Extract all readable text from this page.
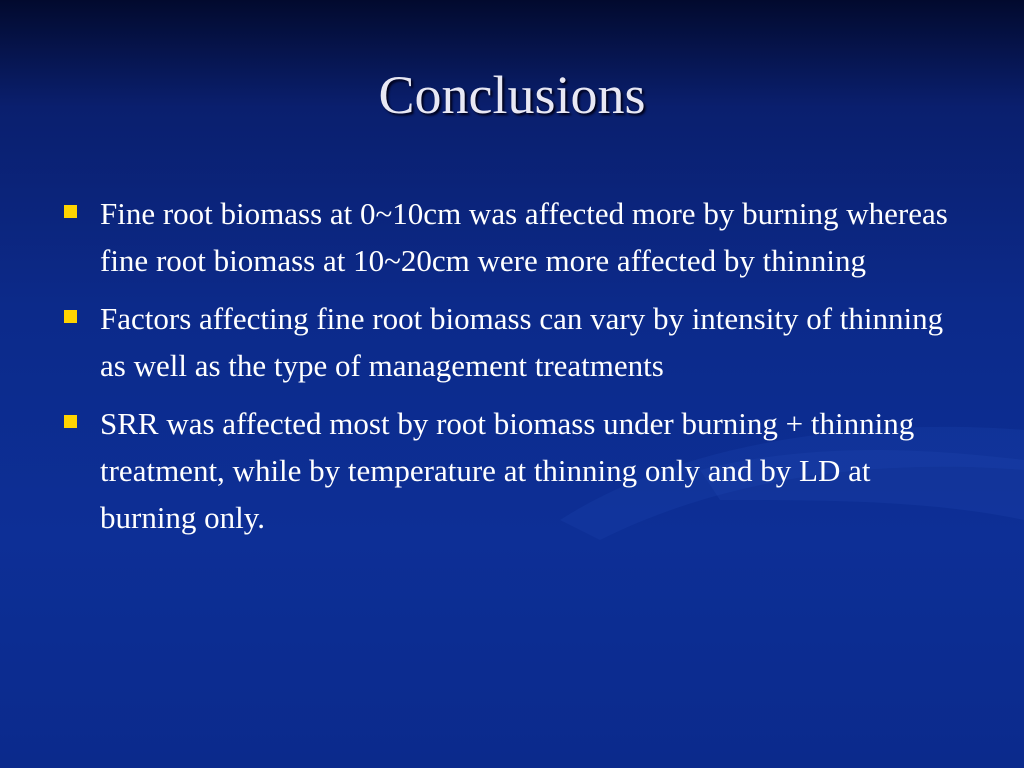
Conclusions
Fine root biomass at 0~10cm was affected more by burning whereas fine root biomass at 10~20cm were more affected by thinning
Factors affecting fine root biomass can vary by intensity of thinning as well as the type of management treatments
SRR was affected most by root biomass under burning + thinning treatment, while by temperature at thinning only and by LD at burning only.
